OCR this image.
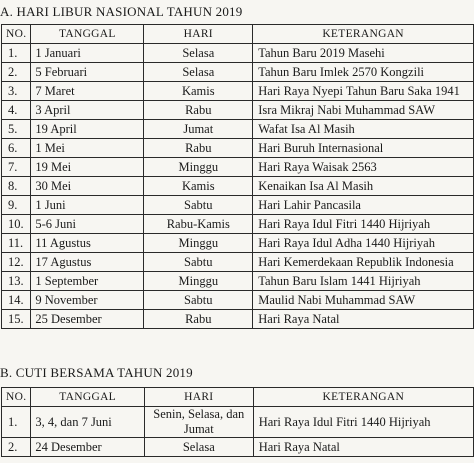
A. HARI LIBUR NASIONAL TAHUN 2019
NO.	TANGGAL	HARI	KETERANGAN
1.	1 Januari	Selasa	Tahun Baru 2019 Masehi
2.	5 Februari	Selasa	Tahun Baru Imlek 2570 Kongzili
3.	7 Maret	Kamis	Hari Raya Nyepi Tahun Baru Saka 1941
4.	3 April	Rabu	Isra Mikraj Nabi Muhammad SAW
5.	19 April	Jumat	Wafat Isa Al Masih
6.	1 Mei	Rabu	Hari Buruh Internasional
7.	19 Mei	Minggu	Hari Raya Waisak 2563
8.	30 Mei	Kamis	Kenaikan Isa Al Masih
9.	1 Juni	Sabtu	Hari Lahir Pancasila
10.	5-6 Juni	Rabu-Kamis	Hari Raya Idul Fitri 1440 Hijriyah
11.	11 Agustus	Minggu	Hari Raya Idul Adha 1440 Hijriyah
12.	17 Agustus	Sabtu	Hari Kemerdekaan Republik Indonesia
13.	1 September	Minggu	Tahun Baru Islam 1441 Hijriyah
14.	9 November	Sabtu	Maulid Nabi Muhammad SAW
15.	25 Desember	Rabu	Hari Raya Natal
B. CUTI BERSAMA TAHUN 2019
NO.	TANGGAL	HARI	KETERANGAN
1.	3, 4, dan 7 Juni	Senin, Selasa, dan Jumat	Hari Raya Idul Fitri 1440 Hijriyah
2.	24 Desember	Selasa	Hari Raya Natal
